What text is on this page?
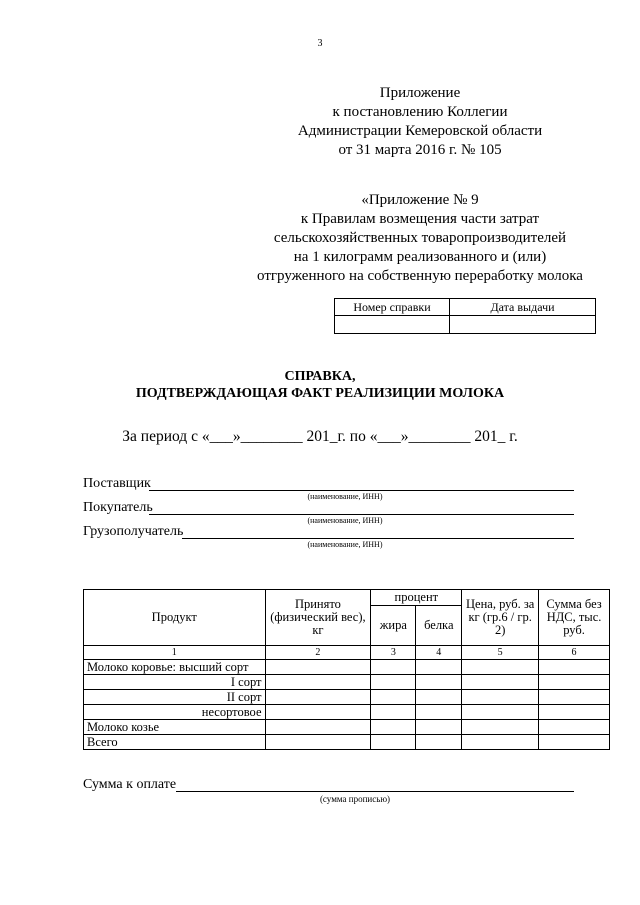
3
Приложение
к постановлению Коллегии
Администрации Кемеровской области
от 31 марта 2016 г. № 105
«Приложение № 9
к Правилам возмещения части затрат
сельскохозяйственных товаропроизводителей
на 1 килограмм реализованного и (или)
отгруженного на собственную переработку молока
Номер справки	Дата выдачи

СПРАВКА,
ПОДТВЕРЖДАЮЩАЯ ФАКТ РЕАЛИЗИЦИИ МОЛОКА
За период с «___»________ 201_г. по «___»________ 201_ г.
Поставщик
(наименование, ИНН)
Покупатель
(наименование, ИНН)
Грузополучатель
(наименование, ИНН)
Продукт	Принято (физический вес), кг	процент		Цена, руб. за кг (гр.6 / гр. 2)	Сумма без НДС, тыс. руб.
		жира	белка		
1	2	3	4	5	6
Молоко коровье: высший сорт					
I сорт					
II сорт					
несортовое					
Молоко козье					
Всего					
Сумма к оплате
(сумма прописью)
